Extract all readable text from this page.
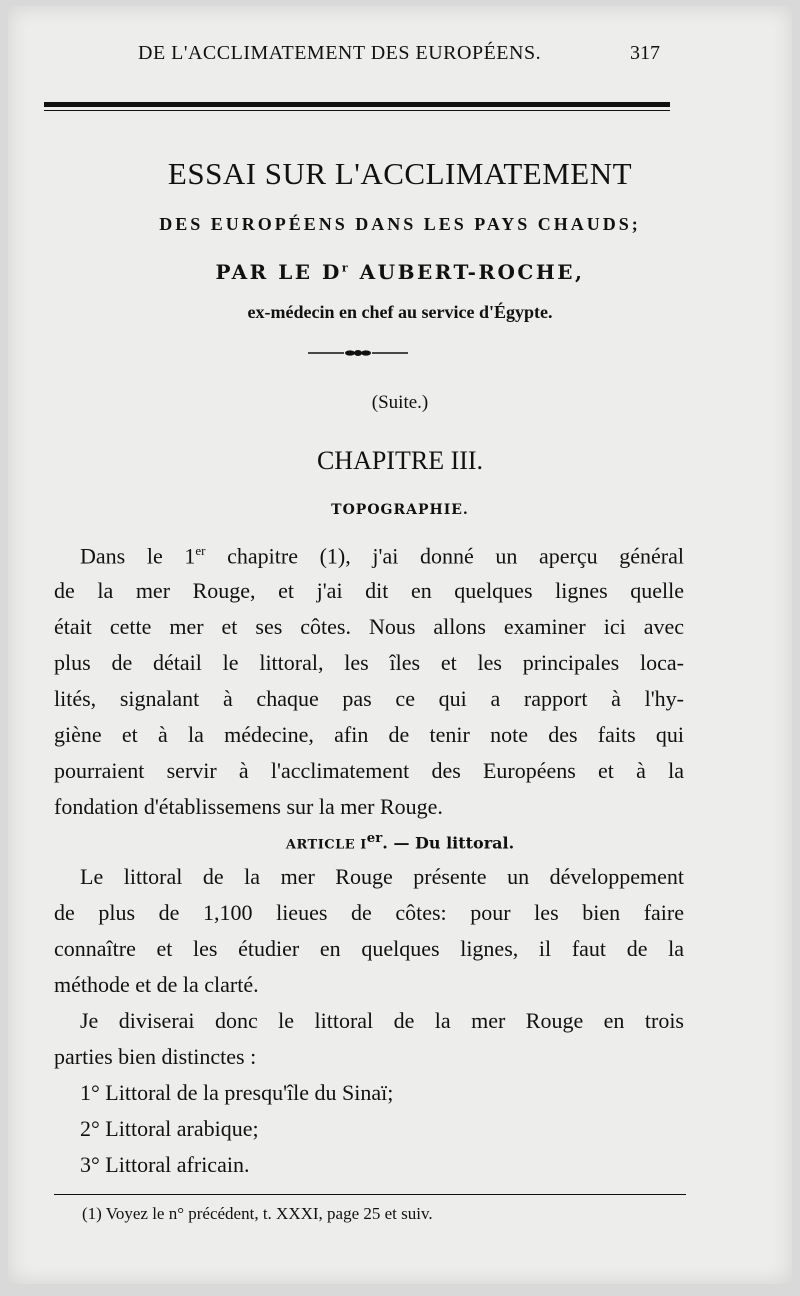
DE L'ACCLIMATEMENT DES EUROPÉENS.	317
ESSAI SUR L'ACCLIMATEMENT
DES EUROPÉENS DANS LES PAYS CHAUDS;
PAR LE $D^r$ AUBERT-ROCHE,
ex-médecin en chef au service d'Égypte.
(Suite.)
CHAPITRE III.
TOPOGRAPHIE.
Dans le 1er chapitre (1), j'ai donné un aperçu général
de la mer Rouge, et j'ai dit en quelques lignes quelle
était cette mer et ses côtes. Nous allons examiner ici avec
plus de détail le littoral, les îles et les principales loca-
lités, signalant à chaque pas ce qui a rapport à l'hy-
giène et à la médecine, afin de tenir note des faits qui
pourraient servir à l'acclimatement des Européens et à la
fondation d'établissemens sur la mer Rouge.
ARTICLE Ier. — Du littoral.
Le littoral de la mer Rouge présente un développement
de plus de 1,100 lieues de côtes: pour les bien faire
connaître et les étudier en quelques lignes, il faut de la
méthode et de la clarté.
Je diviserai donc le littoral de la mer Rouge en trois
parties bien distinctes :
1° Littoral de la presqu'île du Sinaï;
2° Littoral arabique;
3° Littoral africain.
(1) Voyez le n° précédent, t. XXXI, page 25 et suiv.
